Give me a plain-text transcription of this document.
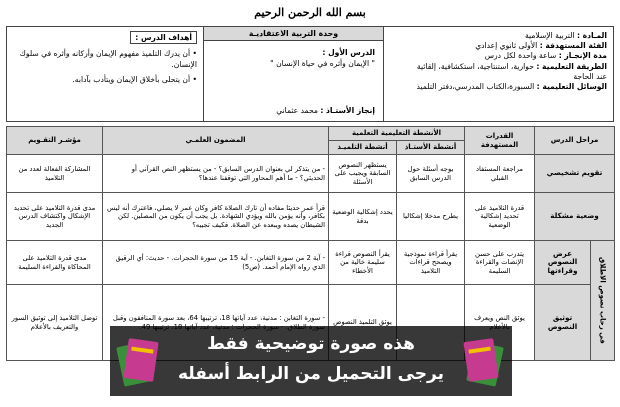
بسم الله الرحمن الرحيم
المـادة : التربية الإسلامية
الفئة المستهدفة : الأولى ثانوي إعدادي
مدة الإنجـاز : ساعة واحدة لكل درس
الطريقة التعليمية : حوارية، استنتاجية، استكشافية، إلقائية
عند الحاجة
الوسائل التعليمية : السبورة،الكتاب المدرسي،دفتر التلميذ
وحدة التربية الاعتقاديـة
الدرس الأول :
" الإيمان وأثره في حياة الإنسان "
إنجاز الأستـاذ : محمد عثماني
أهداف الدرس :
• أن يدرك التلميذ مفهوم الإيمان وأركانه وأثره في سلوك الإنسان.
• أن يتحلى بأخلاق الإيمان ويتأدب بآدابه.
مراحل الدرس		القدرات المستهدفة	الأنشطة التعليمية التعلمية		المضمون العلمـي	مؤشـر التقـويم
			أنشطة الأستـاذ	أنشطة التلميـذ		
تقويم تشخيصي		مراجعة المستفاد القبلي	يوجه أسئلة حول الدرس السابق	يستظهر النصوص السابقة ويجيب على الأسئلة	- من يتذكر لي بعنوان الدرس السابق؟ - من يستظهر النص القرآني أو الحديثي؟ - ما أهم المحاور التي توقفنا عندها؟	المشاركة الفعالة لعدد من التلاميذ
وضعية مشكلة		قدرة التلاميذ على تحديد إشكالية الوضعية	يطرح مدخلا إشكاليا	يحدد إشكالية الوضعية بدقة	قرأ عمر حديثا مفاده أن تارك الصلاة كافر وكان عمر لا يصلي، فاعترك أنه ليس بكافر، وأنه يؤمن بالله ويؤدي الشهادة. بل يجب أن يكون من المصلين. لكن الشيطان يصده ويبعده عن الصلاة. فكيف تجيبه؟	مدى قدرة التلاميذ على تحديد الإشكال واكتشاف الدرس الجديد
في رحاب نصوص الاطلاق	عرض النصوص وقراءتها	يتدرب على حسن الإنصات والقراءة السليمة	يقرأ قراءة نموذجية ويصحح قراءات التلاميذ	يقرأ النصوص قراءة سليمة خالية من الأخطاء	- آية 2 من سورة التغابن. - آية 15 من سورة الحجرات. - حديث: أي الرقيق الذي رواه الإمام أحمد. (ص5)	مدى قدرة التلاميذ على المحاكاة والقراءة السليمة
	توثيق النصوص	يوثق النص ويعرف		يوثق التلميذ النصوص	- سورة التغابن : مدنية، عدد آياتها 18، ترتيبها 64، بعد سورة المنافقون وقبل	توصل التلاميذ إلى توثيق السور والتعريف بالأعلام
هذه صورة توضيحية فقط
يرجى التحميل من الرابط أسفله
